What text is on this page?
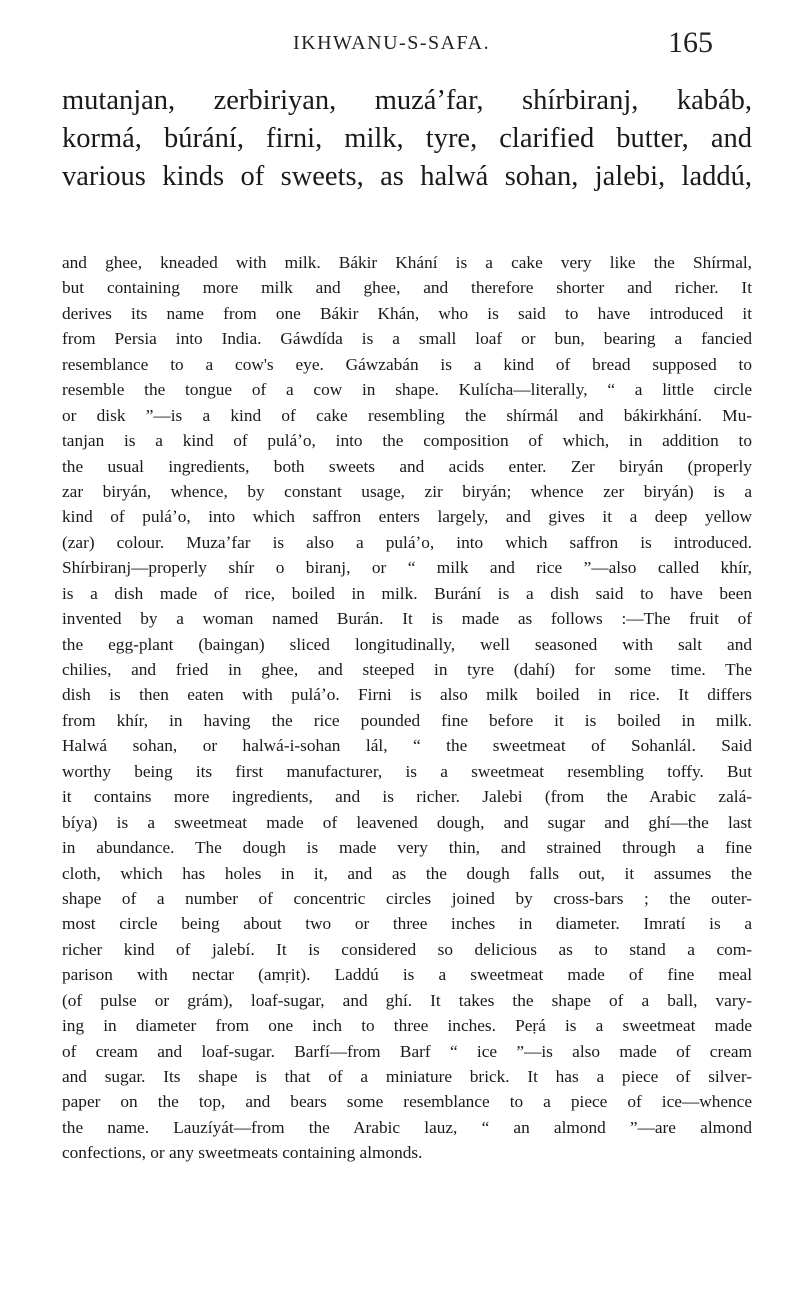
IKHWANU-S-SAFA.	165
mutanjan, zerbiriyan, muzáʼfar, shírbiranj, kabáb,
kormá, búrání, firni, milk, tyre, clarified butter, and
various kinds of sweets, as halwá sohan, jalebi, laddú,
and ghee, kneaded with milk. Bákir Khání is a cake very like the Shírmal,
but containing more milk and ghee, and therefore shorter and richer. It
derives its name from one Bákir Khán, who is said to have introduced it
from Persia into India. Gáwdída is a small loaf or bun, bearing a fancied
resemblance to a cow's eye. Gáwzabán is a kind of bread supposed to
resemble the tongue of a cow in shape. Kulícha—literally, “ a little circle
or disk ”—is a kind of cake resembling the shírmál and bákirkhání. Mu-
tanjan is a kind of puláʼo, into the composition of which, in addition to
the usual ingredients, both sweets and acids enter. Zer biryán (properly
zar biryán, whence, by constant usage, zir biryán; whence zer biryán) is a
kind of puláʼo, into which saffron enters largely, and gives it a deep yellow
(zar) colour. Muzaʼfar is also a puláʼo, into which saffron is introduced.
Shírbiranj—properly shír o biranj, or “ milk and rice ”—also called khír,
is a dish made of rice, boiled in milk. Burání is a dish said to have been
invented by a woman named Burán. It is made as follows :—The fruit of
the egg-plant (baingan) sliced longitudinally, well seasoned with salt and
chilies, and fried in ghee, and steeped in tyre (dahí) for some time. The
dish is then eaten with puláʼo. Firni is also milk boiled in rice. It differs
from khír, in having the rice pounded fine before it is boiled in milk.
Halwá sohan, or halwá-i-sohan lál, “ the sweetmeat of Sohanlál. Said
worthy being its first manufacturer, is a sweetmeat resembling toffy. But
it contains more ingredients, and is richer. Jalebi (from the Arabic zalá-
bíya) is a sweetmeat made of leavened dough, and sugar and ghí—the last
in abundance. The dough is made very thin, and strained through a fine
cloth, which has holes in it, and as the dough falls out, it assumes the
shape of a number of concentric circles joined by cross-bars ; the outer-
most circle being about two or three inches in diameter. Imratí is a
richer kind of jalebí. It is considered so delicious as to stand a com-
parison with nectar (amṛit). Laddú is a sweetmeat made of fine meal
(of pulse or grám), loaf-sugar, and ghí. It takes the shape of a ball, vary-
ing in diameter from one inch to three inches. Peṛá is a sweetmeat made
of cream and loaf-sugar. Barfí—from Barf “ ice ”—is also made of cream
and sugar. Its shape is that of a miniature brick. It has a piece of silver-
paper on the top, and bears some resemblance to a piece of ice—whence
the name. Lauzíyát—from the Arabic lauz, “ an almond ”—are almond
confections, or any sweetmeats containing almonds.
